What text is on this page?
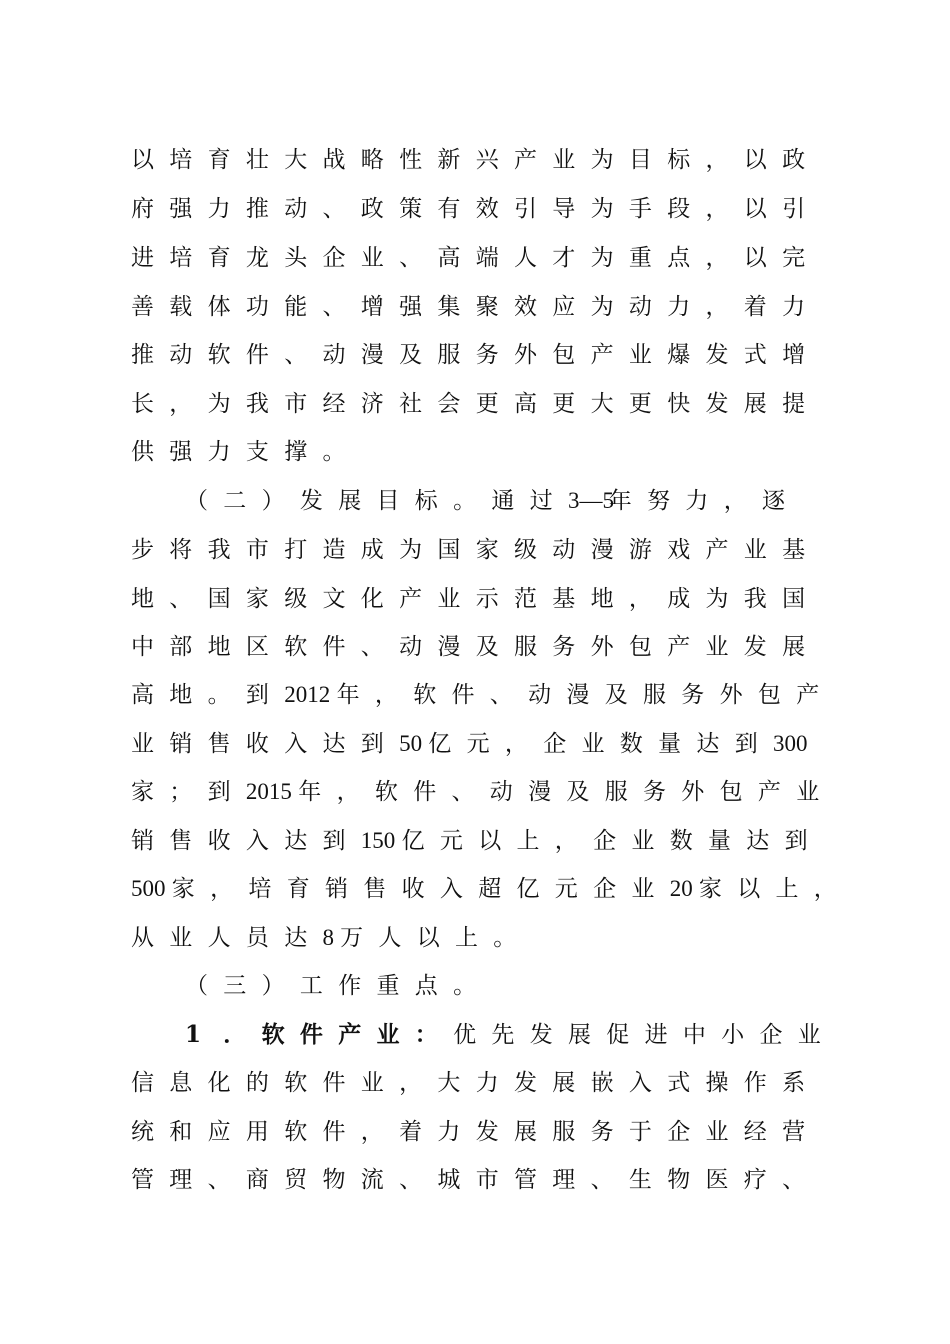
以 培 育 壮 大 战 略 性 新 兴 产 业 为 目 标 ， 以 政
府 强 力 推 动 、 政 策 有 效 引 导 为 手 段 ， 以 引
进 培 育 龙 头 企 业 、 高 端 人 才 为 重 点 ， 以 完
善 载 体 功 能 、 增 强 集 聚 效 应 为 动 力 ， 着 力
推 动 软 件 、 动 漫 及 服 务 外 包 产 业 爆 发 式 增
长 ， 为 我 市 经 济 社 会 更 高 更 大 更 快 发 展 提
供 强 力 支 撑 。
（ 二 ） 发 展 目 标 。 通 过 3—5
年 努 力 ， 逐
步 将 我 市 打 造 成 为 国 家 级 动 漫 游 戏 产 业 基
地 、 国 家 级 文 化 产 业 示 范 基 地 ， 成 为 我 国
中 部 地 区 软 件 、 动 漫 及 服 务 外 包 产 业 发 展
高 地 。 到 2012 年 ， 软 件 、 动 漫 及 服 务 外 包 产
业 销 售 收 入 达 到 50 亿 元 ， 企 业 数 量 达 到 300
家 ； 到 2015 年 ， 软 件 、 动 漫 及 服 务 外 包 产 业
销 售 收 入 达 到 150 亿 元 以 上 ， 企 业 数 量 达 到
500 家 ， 培 育 销 售 收 入 超 亿 元 企 业 20 家 以 上 ，
从 业 人 员 达 8 万 人 以 上 。
（ 三 ） 工 作 重 点 。
1 ． 软 件 产 业 ： 优 先 发 展 促 进 中 小 企 业
信 息 化 的 软 件 业 ， 大 力 发 展 嵌 入 式 操 作 系
统 和 应 用 软 件 ， 着 力 发 展 服 务 于 企 业 经 营
管 理 、 商 贸 物 流 、 城 市 管 理 、 生 物 医 疗 、
